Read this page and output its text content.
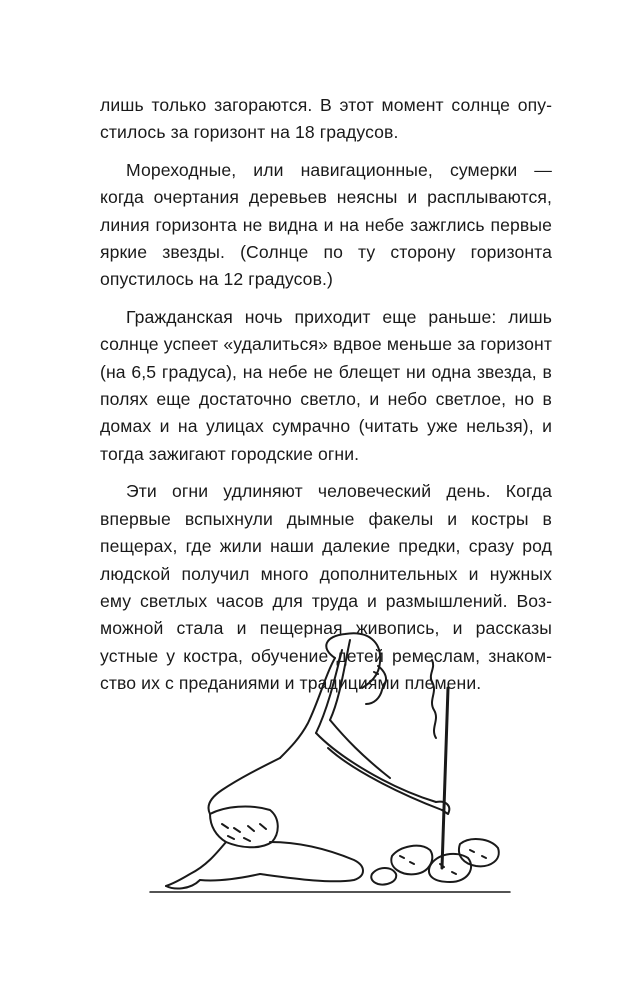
лишь только загораются. В этот момент солнце опустилось за горизонт на 18 градусов.

Мореходные, или навигационные, сумерки — когда очертания деревьев неясны и расплываются, линия горизонта не видна и на небе зажглись первые яркие звезды. (Солнце по ту сторону горизонта опустилось на 12 градусов.)

Гражданская ночь приходит еще раньше: лишь солнце успеет «удалиться» вдвое меньше за горизонт (на 6,5 градуса), на небе не блещет ни одна звезда, в полях еще достаточно светло, и небо светлое, но в домах и на улицах сумрачно (читать уже нельзя), и тогда зажигают городские огни.

Эти огни удлиняют человеческий день. Когда впервые вспыхнули дымные факелы и костры в пещерах, где жили наши далекие предки, сразу род людской получил много дополнительных и нужных ему светлых часов для труда и размышлений. Возможной стала и пещерная живопись, и рассказы устные у костра, обучение детей ремеслам, знакомство их с преданиями и традициями племени.
